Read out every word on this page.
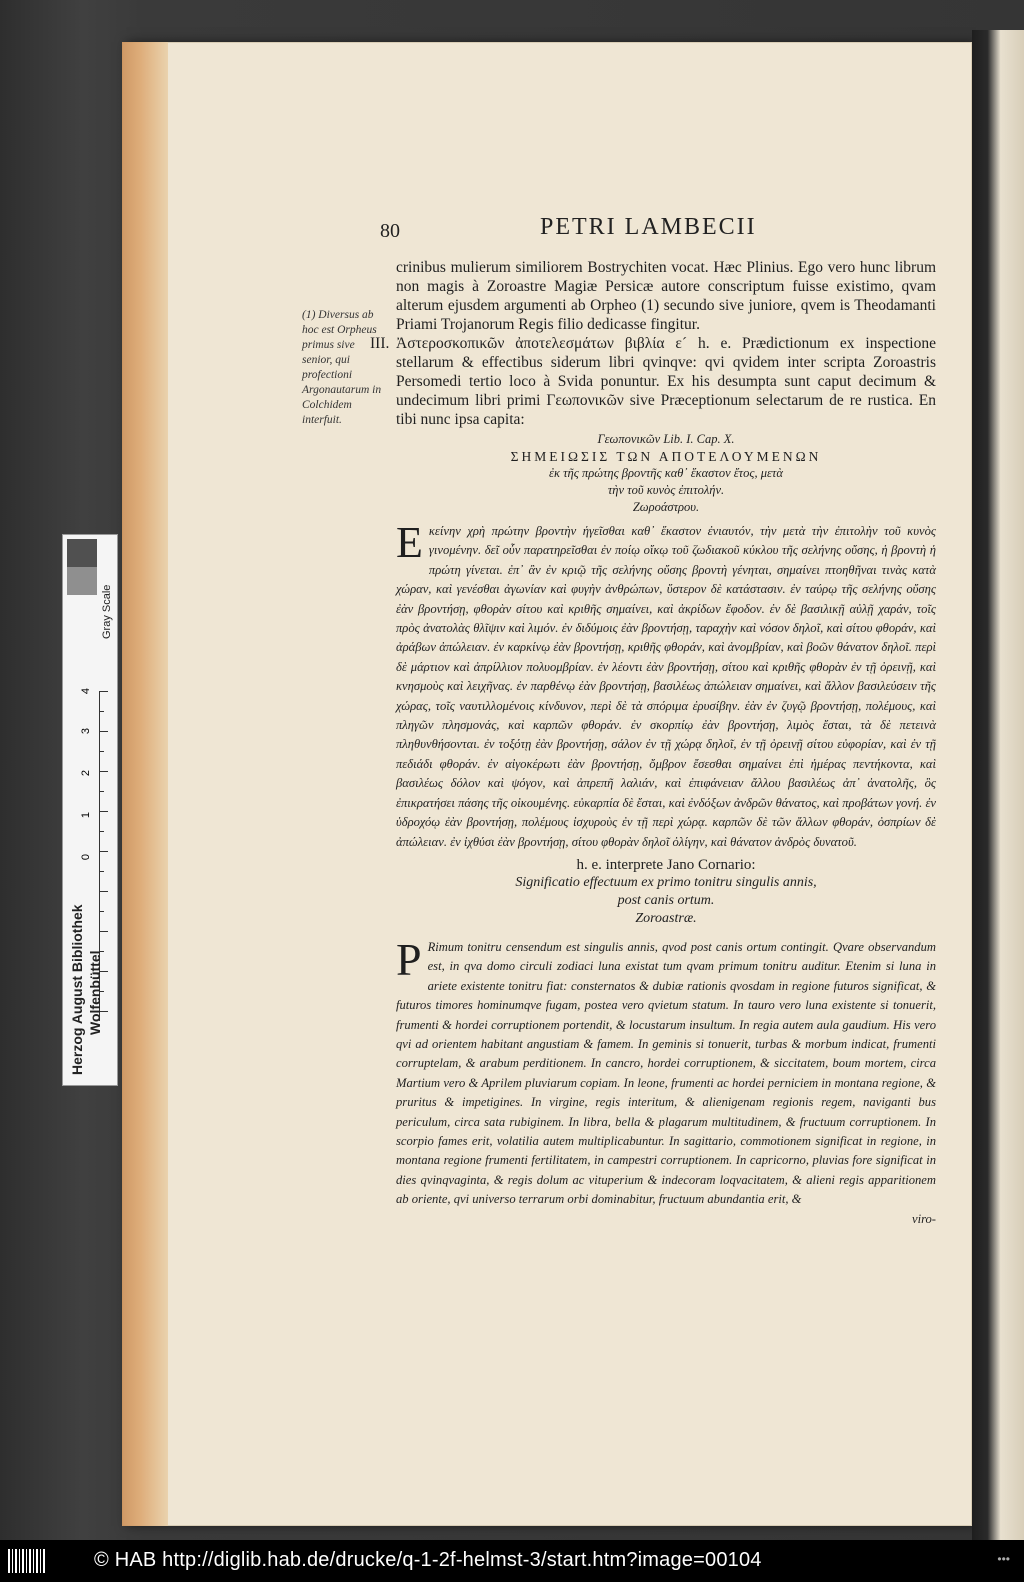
80	PETRI LAMBECII
(1) Diversus ab hoc est Orpheus primus sive senior, qui profectioni Argonautarum in Colchidem interfuit.

crinibus mulierum similiorem Bostrychiten vocat. Hæc Plinius. Ego vero hunc librum non magis à Zoroastre Magiæ Persicæ autore conscriptum fuisse existimo, qvam alterum ejusdem argumenti ab Orpheo (1) secundo sive juniore, qvem is Theodamanti Priami Trojanorum Regis filio dedicasse fingitur.

III. Ἀστεροσκοπικῶν ἀποτελεσμάτων βιβλία ε´ h. e. Prædictionum ex inspectione stellarum & effectibus siderum libri qvinqve: qvi qvidem inter scripta Zoroastris Persomedi tertio loco à Svida ponuntur. Ex his desumpta sunt caput decimum & undecimum libri primi Γεωπονικῶν sive Præceptionum selectarum de re rustica. En tibi nunc ipsa capita:

Γεωπονικῶν Lib. I. Cap. X.
ΣΗΜΕΙΩΣΙΣ ΤΩΝ ΑΠΟΤΕΛΟΥΜΕΝΩΝ
ἐκ τῆς πρώτης βροντῆς καθ᾽ ἕκαστον ἔτος, μετὰ
τὴν τοῦ κυνὸς ἐπιτολήν.
Ζωροάστρου.
E κείνην χρὴ πρώτην βροντὴν ἡγεῖσθαι καθ᾽ ἕκαστον ἐνιαυτόν, τὴν μετὰ τὴν ἐπιτολὴν τοῦ κυνὸς γινομένην. δεῖ οὖν παρατηρεῖσθαι ἐν ποίῳ οἴκῳ τοῦ ζωδιακοῦ κύκλου τῆς σελήνης οὔσης, ἡ βροντὴ ἡ πρώτη γίνεται. ἐπ᾽ ἂν ἐν κριῷ τῆς σελήνης οὔσης βροντὴ γένηται, σημαίνει πτοηθῆναι τινὰς κατὰ χώραν, καὶ γενέσθαι ἀγωνίαν καὶ φυγὴν ἀνθρώπων, ὕστερον δὲ κατάστασιν. ἐν ταύρῳ τῆς σελήνης οὔσης ἐὰν βροντήσῃ, φθορὰν σίτου καὶ κριθῆς σημαίνει, καὶ ἀκρίδων ἔφοδον. ἐν δὲ βασιλικῇ αὐλῇ χαράν, τοῖς πρὸς ἀνατολὰς θλῖψιν καὶ λιμόν. ἐν διδύμοις ἐὰν βροντήσῃ, ταραχὴν καὶ νόσον δηλοῖ, καὶ σίτου φθοράν, καὶ ἀράβων ἀπώλειαν. ἐν καρκίνῳ ἐὰν βροντήσῃ, κριθῆς φθοράν, καὶ ἀνομβρίαν, καὶ βοῶν θάνατον δηλοῖ. περὶ δὲ μάρτιον καὶ ἀπρίλλιον πολυομβρίαν. ἐν λέοντι ἐὰν βροντήσῃ, σίτου καὶ κριθῆς φθορὰν ἐν τῇ ὀρεινῇ, καὶ κνησμοὺς καὶ λειχῆνας. ἐν παρθένῳ ἐὰν βροντήσῃ, βασιλέως ἀπώλειαν σημαίνει, καὶ ἄλλον βασιλεύσειν τῆς χώρας, τοῖς ναυτιλλομένοις κίνδυνον, περὶ δὲ τὰ σπόριμα ἐρυσίβην. ἐὰν ἐν ζυγῷ βροντήσῃ, πολέμους, καὶ πληγῶν πλησμονάς, καὶ καρπῶν φθοράν. ἐν σκορπίῳ ἐὰν βροντήσῃ, λιμὸς ἔσται, τὰ δὲ πετεινὰ πληθυνθήσονται. ἐν τοξότῃ ἐὰν βροντήσῃ, σάλον ἐν τῇ χώρᾳ δηλοῖ, ἐν τῇ ὀρεινῇ σίτου εὐφορίαν, καὶ ἐν τῇ πεδιάδι φθοράν. ἐν αἰγοκέρωτι ἐὰν βροντήσῃ, ὄμβρον ἔσεσθαι σημαίνει ἐπὶ ἡμέρας πεντήκοντα, καὶ βασιλέως δόλον καὶ ψόγον, καὶ ἀπρεπῆ λαλιάν, καὶ ἐπιφάνειαν ἄλλου βασιλέως ἀπ᾽ ἀνατολῆς, ὃς ἐπικρατήσει πάσης τῆς οἰκουμένης. εὐκαρπία δὲ ἔσται, καὶ ἐνδόξων ἀνδρῶν θάνατος, καὶ προβάτων γονή. ἐν ὑδροχόῳ ἐὰν βροντήσῃ, πολέμους ἰσχυροὺς ἐν τῇ περὶ χώρᾳ. καρπῶν δὲ τῶν ἄλλων φθοράν, ὀσπρίων δὲ ἀπώλειαν. ἐν ἰχθύσι ἐὰν βροντήσῃ, σίτου φθορὰν δηλοῖ ὀλίγην, καὶ θάνατον ἀνδρὸς δυνατοῦ.
h. e. interprete Jano Cornario:
Significatio effectuum ex primo tonitru singulis annis,
post canis ortum.
Zoroastræ.
P Rimum tonitru censendum est singulis annis, qvod post canis ortum contingit. Qvare observandum est, in qva domo circuli zodiaci luna existat tum qvam primum tonitru auditur. Etenim si luna in ariete existente tonitru fiat: consternatos & dubiæ rationis qvosdam in regione futuros significat, & futuros timores hominumqve fugam, postea vero qvietum statum. In tauro vero luna existente si tonuerit, frumenti & hordei corruptionem portendit, & locustarum insultum. In regia autem aula gaudium. His vero qvi ad orientem habitant angustiam & famem. In geminis si tonuerit, turbas & morbum indicat, frumenti corruptelam, & arabum perditionem. In cancro, hordei corruptionem, & siccitatem, boum mortem, circa Martium vero & Aprilem pluviarum copiam. In leone, frumenti ac hordei perniciem in montana regione, & pruritus & impetigines. In virgine, regis interitum, & alienigenam regionis regem, naviganti bus periculum, circa sata rubiginem. In libra, bella & plagarum multitudinem, & fructuum corruptionem. In scorpio fames erit, volatilia autem multiplicabuntur. In sagittario, commotionem significat in regione, in montana regione frumenti fertilitatem, in campestri corruptionem. In capricorno, pluvias fore significat in dies qvinqvaginta, & regis dolum ac vituperium & indecoram loqvacitatem, & alieni regis apparitionem ab oriente, qvi universo terrarum orbi dominabitur, fructuum abundantia erit, &
viro-
Gray Scale
4
3
2
1
0
Herzog August Bibliothek Wolfenbüttel
© HAB http://diglib.hab.de/drucke/q-1-2f-helmst-3/start.htm?image=00104	•••
